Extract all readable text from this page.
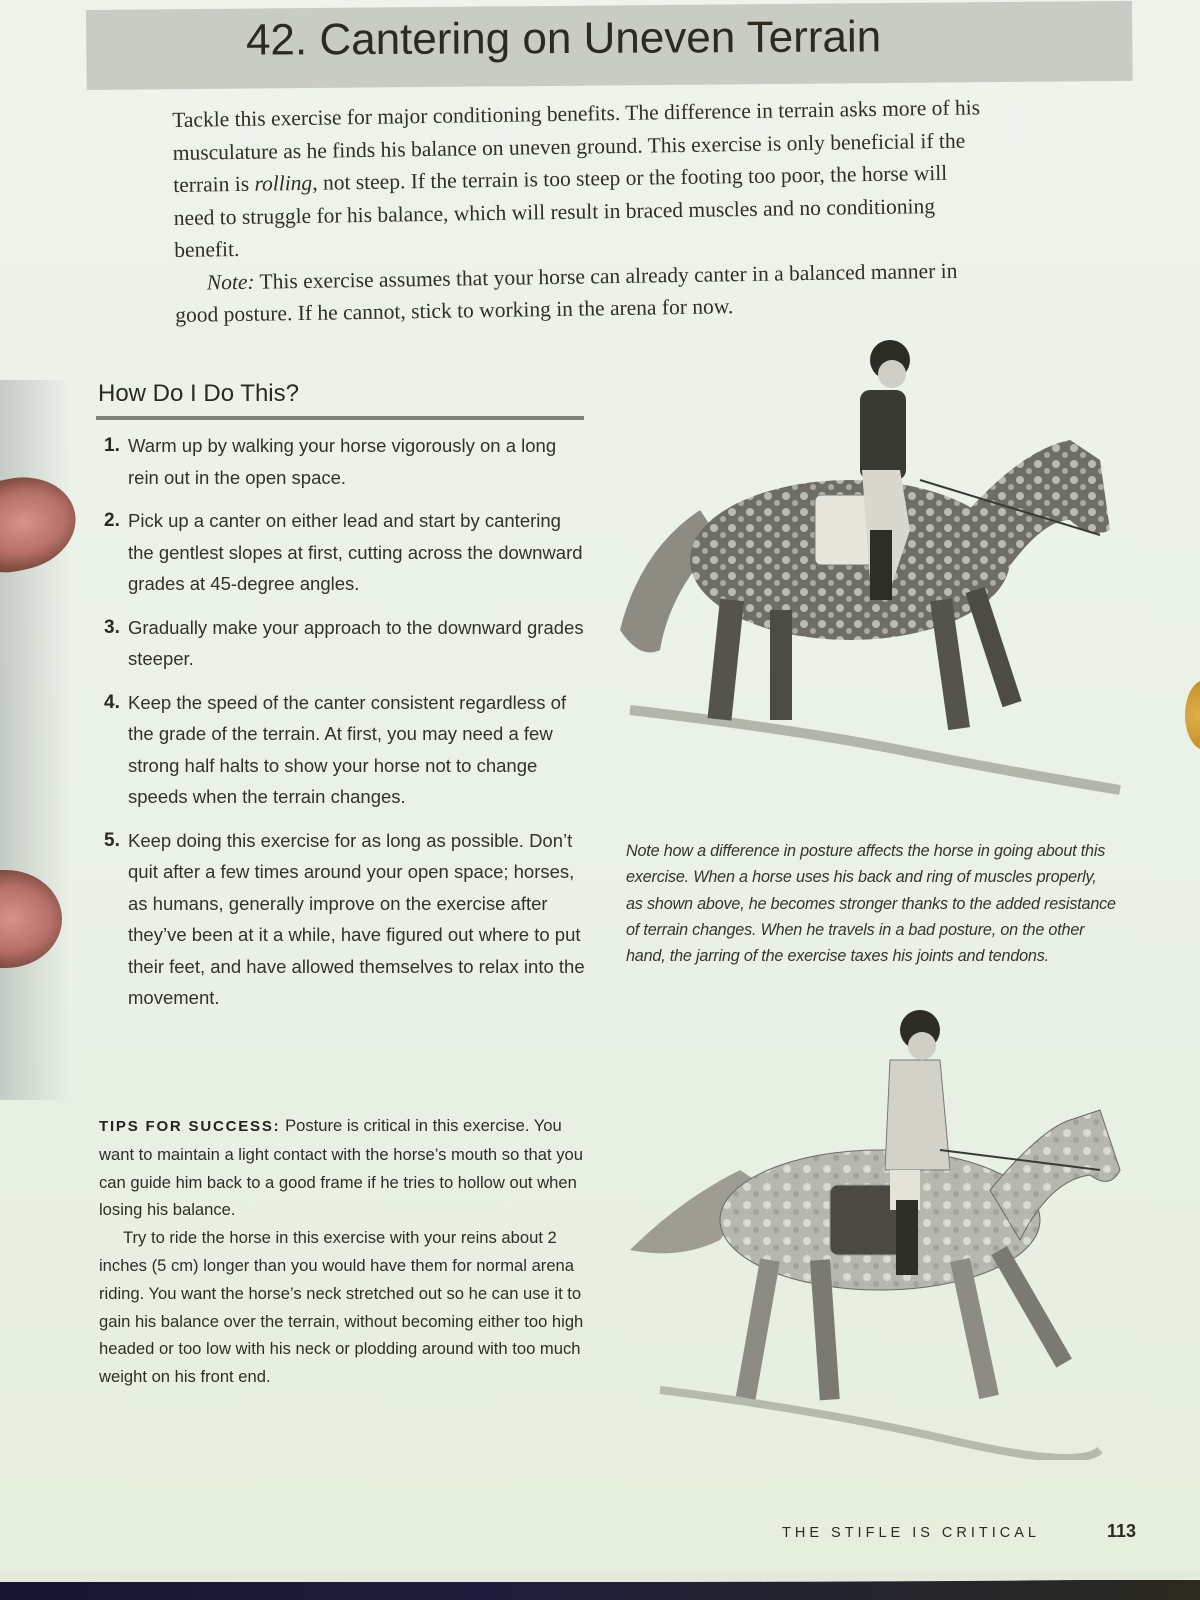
42. Cantering on Uneven Terrain

Tackle this exercise for major conditioning benefits. The difference in terrain asks more of his musculature as he finds his balance on uneven ground. This exercise is only beneficial if the terrain is rolling, not steep. If the terrain is too steep or the footing too poor, the horse will need to struggle for his balance, which will result in braced muscles and no conditioning benefit.

Note: This exercise assumes that your horse can already canter in a balanced manner in good posture. If he cannot, stick to working in the arena for now.

How Do I Do This?
1. Warm up by walking your horse vigorously on a long rein out in the open space.
2. Pick up a canter on either lead and start by cantering the gentlest slopes at first, cutting across the downward grades at 45-degree angles.
3. Gradually make your approach to the downward grades steeper.
4. Keep the speed of the canter consistent regardless of the grade of the terrain. At first, you may need a few strong half halts to show your horse not to change speeds when the terrain changes.
5. Keep doing this exercise for as long as possible. Don’t quit after a few times around your open space; horses, as humans, generally improve on the exercise after they’ve been at it a while, have figured out where to put their feet, and have allowed themselves to relax into the movement.

TIPS FOR SUCCESS: Posture is critical in this exercise. You want to maintain a light contact with the horse’s mouth so that you can guide him back to a good frame if he tries to hollow out when losing his balance.

Try to ride the horse in this exercise with your reins about 2 inches (5 cm) longer than you would have them for normal arena riding. You want the horse’s neck stretched out so he can use it to gain his balance over the terrain, without becoming either too high headed or too low with his neck or plodding around with too much weight on his front end.

Note how a difference in posture affects the horse in going about this exercise. When a horse uses his back and ring of muscles properly, as shown above, he becomes stronger thanks to the added resistance of terrain changes. When he travels in a bad posture, on the other hand, the jarring of the exercise taxes his joints and tendons.
THE STIFLE IS CRITICAL	113
